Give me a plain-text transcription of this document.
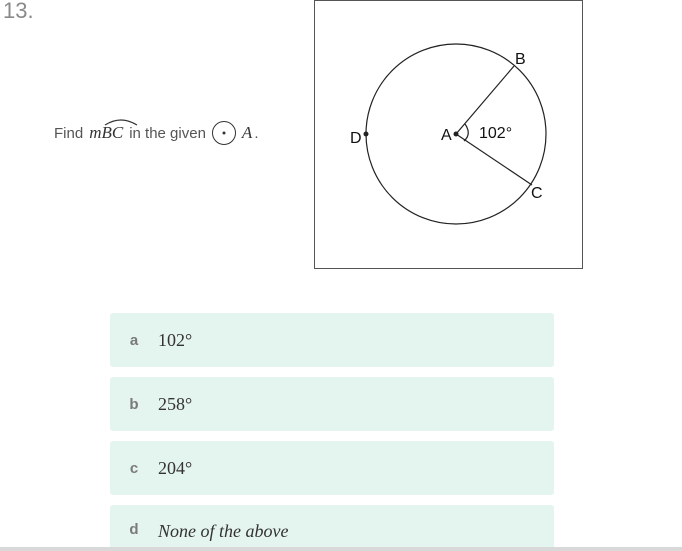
13.
Find mBC in the given A .	A
B
C
D	102°
a	102°
b	258°
c	204°
d	None of the above
